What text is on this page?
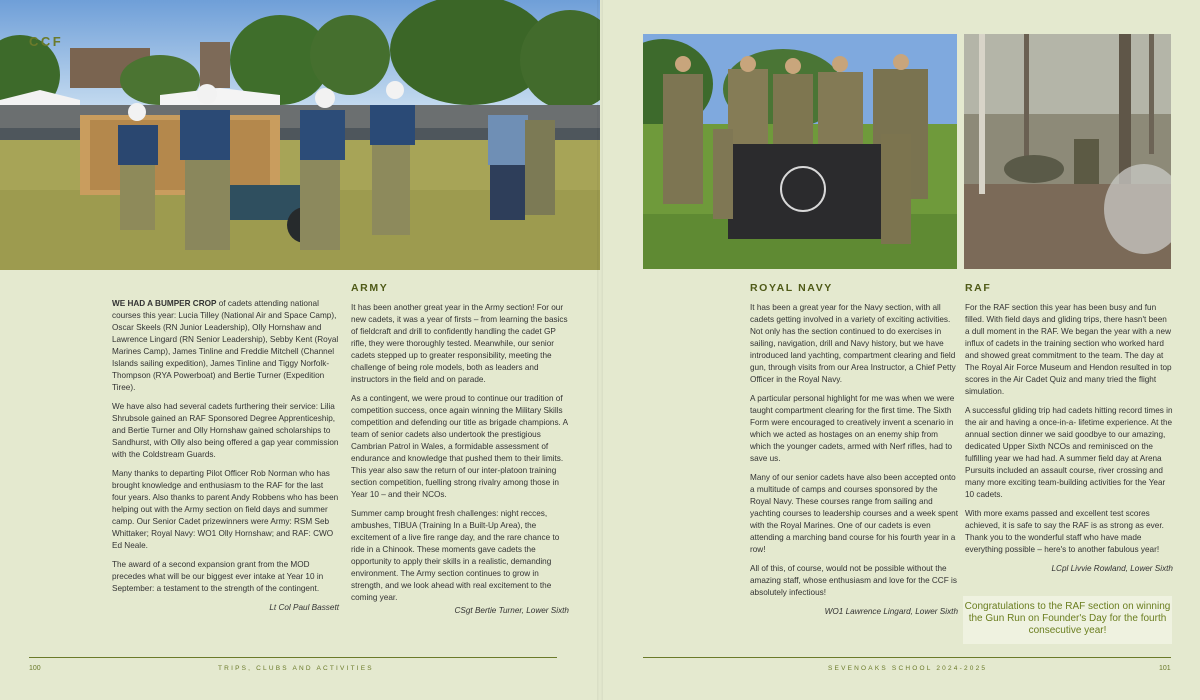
CCF

WE HAD A BUMPER CROP of cadets attending national courses this year: Lucia Tilley (National Air and Space Camp), Oscar Skeels (RN Junior Leadership), Olly Hornshaw and Lawrence Lingard (RN Senior Leadership), Sebby Kent (Royal Marines Camp), James Tinline and Freddie Mitchell (Channel Islands sailing expedition), James Tinline and Tiggy Norfolk-Thompson (RYA Powerboat) and Bertie Turner (Expedition Tiree).

We have also had several cadets furthering their service: Lilia Shrubsole gained an RAF Sponsored Degree Apprenticeship, and Bertie Turner and Olly Hornshaw gained scholarships to Sandhurst, with Olly also being offered a gap year commission with the Coldstream Guards.

Many thanks to departing Pilot Officer Rob Norman who has brought knowledge and enthusiasm to the RAF for the last four years. Also thanks to parent Andy Robbens who has been helping out with the Army section on field days and summer camp. Our Senior Cadet prizewinners were Army: RSM Seb Whittaker; Royal Navy: WO1 Olly Hornshaw; and RAF: CWO Ed Neale.

The award of a second expansion grant from the MOD precedes what will be our biggest ever intake at Year 10 in September: a testament to the strength of the contingent.

Lt Col Paul Bassett

ARMY

It has been another great year in the Army section! For our new cadets, it was a year of firsts – from learning the basics of fieldcraft and drill to confidently handling the cadet GP rifle, they were thoroughly tested. Meanwhile, our senior cadets stepped up to greater responsibility, meeting the challenge of being role models, both as leaders and instructors in the field and on parade.

As a contingent, we were proud to continue our tradition of competition success, once again winning the Military Skills competition and defending our title as brigade champions. A team of senior cadets also undertook the prestigious Cambrian Patrol in Wales, a formidable assessment of endurance and knowledge that pushed them to their limits. This year also saw the return of our inter-platoon training section competition, fuelling strong rivalry among those in Year 10 – and their NCOs.

Summer camp brought fresh challenges: night recces, ambushes, TIBUA (Training In a Built-Up Area), the excitement of a live fire range day, and the rare chance to ride in a Chinook. These moments gave cadets the opportunity to apply their skills in a realistic, demanding environment. The Army section continues to grow in strength, and we look ahead with real excitement to the coming year.

CSgt Bertie Turner, Lower Sixth

100	TRIPS, CLUBS AND ACTIVITIES
ROYAL NAVY

It has been a great year for the Navy section, with all cadets getting involved in a variety of exciting activities. Not only has the section continued to do exercises in sailing, navigation, drill and Navy history, but we have introduced land yachting, compartment clearing and field gun, through visits from our Area Instructor, a Chief Petty Officer in the Royal Navy.

A particular personal highlight for me was when we were taught compartment clearing for the first time. The Sixth Form were encouraged to creatively invent a scenario in which we acted as hostages on an enemy ship from which the younger cadets, armed with Nerf rifles, had to save us.

Many of our senior cadets have also been accepted onto a multitude of camps and courses sponsored by the Royal Navy. These courses range from sailing and yachting courses to leadership courses and a week spent with the Royal Marines. One of our cadets is even attending a marching band course for his fourth year in a row!

All of this, of course, would not be possible without the amazing staff, whose enthusiasm and love for the CCF is absolutely infectious!

WO1 Lawrence Lingard, Lower Sixth

RAF

For the RAF section this year has been busy and fun filled. With field days and gliding trips, there hasn't been a dull moment in the RAF. We began the year with a new influx of cadets in the training section who worked hard and showed great commitment to the team. The day at The Royal Air Force Museum and Hendon resulted in top scores in the Air Cadet Quiz and many tried the flight simulation.

A successful gliding trip had cadets hitting record times in the air and having a once-in-a- lifetime experience. At the annual section dinner we said goodbye to our amazing, dedicated Upper Sixth NCOs and reminisced on the fulfilling year we had had. A summer field day at Arena Pursuits included an assault course, river crossing and many more exciting team-building activities for the Year 10 cadets.

With more exams passed and excellent test scores achieved, it is safe to say the RAF is as strong as ever. Thank you to the wonderful staff who have made everything possible – here's to another fabulous year!

LCpl Livvie Rowland, Lower Sixth

Congratulations to the RAF section on winning the Gun Run on Founder's Day for the fourth consecutive year!
SEVENOAKS SCHOOL 2024-2025	101
